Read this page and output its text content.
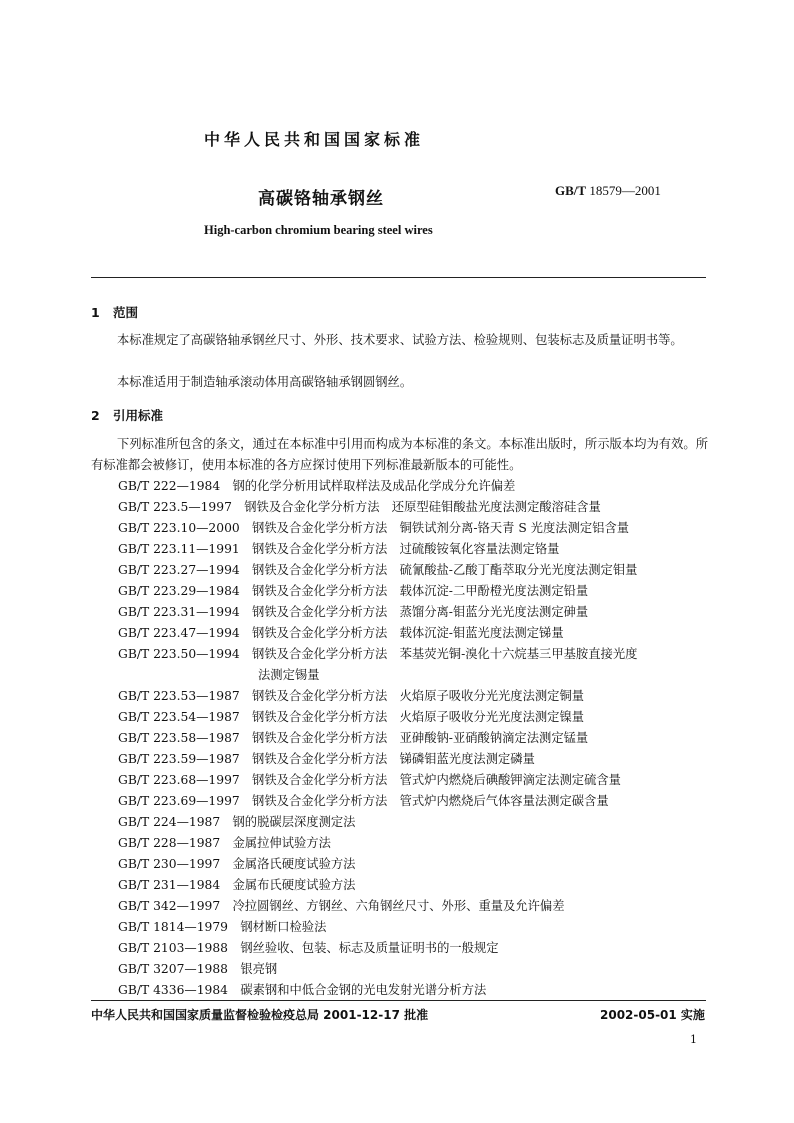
中华人民共和国国家标准
高碳铬轴承钢丝	GB/T 18579—2001
High-carbon chromium bearing steel wires
1 范围
本标准规定了高碳铬轴承钢丝尺寸、外形、技术要求、试验方法、检验规则、包装标志及质量证明书等。
本标准适用于制造轴承滚动体用高碳铬轴承钢圆钢丝。
2 引用标准
下列标准所包含的条文，通过在本标准中引用而构成为本标准的条文。本标准出版时，所示版本均为有效。所有标准都会被修订，使用本标准的各方应探讨使用下列标准最新版本的可能性。
GB/T 222—1984　 钢的化学分析用试样取样法及成品化学成分允许偏差
GB/T 223.5—1997　 钢铁及合金化学分析方法　还原型硅钼酸盐光度法测定酸溶硅含量
GB/T 223.10—2000　 钢铁及合金化学分析方法　铜铁试剂分离-铬天青 S 光度法测定铝含量
GB/T 223.11—1991　 钢铁及合金化学分析方法　过硫酸铵氧化容量法测定铬量
GB/T 223.27—1994　 钢铁及合金化学分析方法　硫氰酸盐-乙酸丁酯萃取分光光度法测定钼量
GB/T 223.29—1984　 钢铁及合金化学分析方法　载体沉淀-二甲酚橙光度法测定铅量
GB/T 223.31—1994　 钢铁及合金化学分析方法　蒸馏分离-钼蓝分光光度法测定砷量
GB/T 223.47—1994　 钢铁及合金化学分析方法　载体沉淀-钼蓝光度法测定锑量
GB/T 223.50—1994　 钢铁及合金化学分析方法　苯基荧光铜-溴化十六烷基三甲基胺直接光度
法测定锡量
GB/T 223.53—1987　 钢铁及合金化学分析方法　火焰原子吸收分光光度法测定铜量
GB/T 223.54—1987　 钢铁及合金化学分析方法　火焰原子吸收分光光度法测定镍量
GB/T 223.58—1987　 钢铁及合金化学分析方法　亚砷酸钠-亚硝酸钠滴定法测定锰量
GB/T 223.59—1987　 钢铁及合金化学分析方法　锑磷钼蓝光度法测定磷量
GB/T 223.68—1997　 钢铁及合金化学分析方法　管式炉内燃烧后碘酸钾滴定法测定硫含量
GB/T 223.69—1997　 钢铁及合金化学分析方法　管式炉内燃烧后气体容量法测定碳含量
GB/T 224—1987　 钢的脱碳层深度测定法
GB/T 228—1987　 金属拉伸试验方法
GB/T 230—1997　 金属洛氏硬度试验方法
GB/T 231—1984　 金属布氏硬度试验方法
GB/T 342—1997　 冷拉圆钢丝、方钢丝、六角钢丝尺寸、外形、重量及允许偏差
GB/T 1814—1979　 钢材断口检验法
GB/T 2103—1988　 钢丝验收、包装、标志及质量证明书的一般规定
GB/T 3207—1988　 银亮钢
GB/T 4336—1984　 碳素钢和中低合金钢的光电发射光谱分析方法
中华人民共和国国家质量监督检验检疫总局 2001-12-17 批准	2002-05-01 实施
1
